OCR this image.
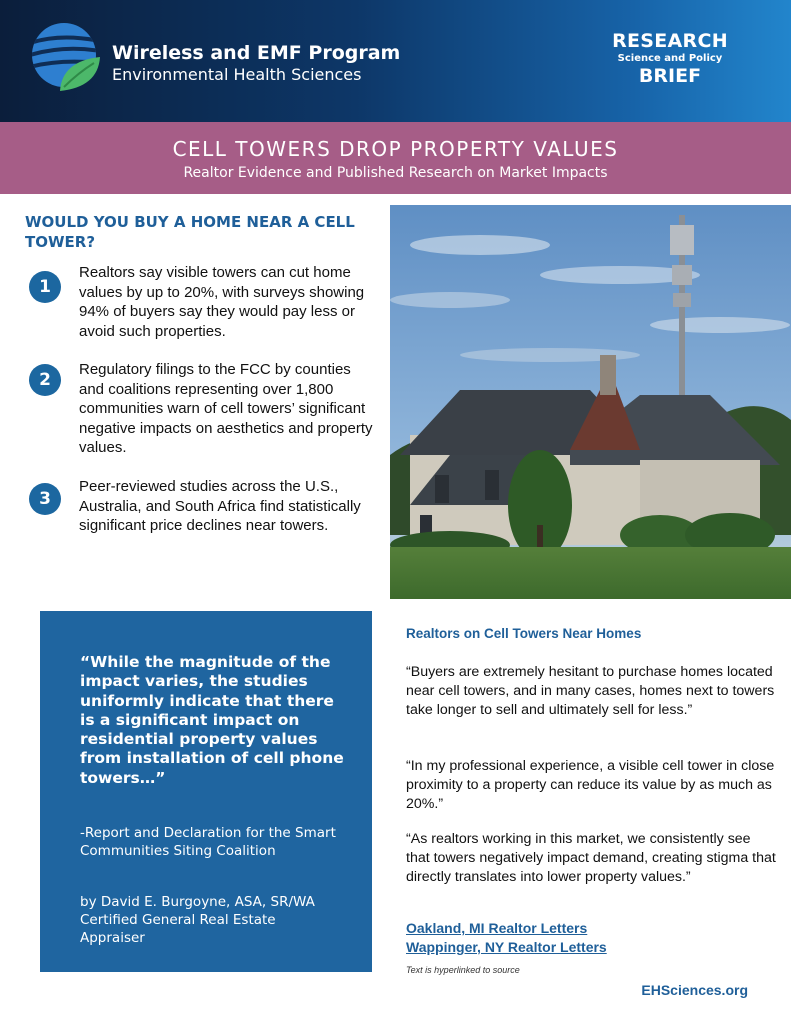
Wireless and EMF Program
Environmental Health Sciences
RESEARCH
Science and Policy
BRIEF
CELL TOWERS DROP PROPERTY VALUES
Realtor Evidence and Published Research on Market Impacts
WOULD YOU BUY A HOME NEAR A CELL TOWER?
1
Realtors say visible towers can cut home values by up to 20%, with surveys showing 94% of buyers say they would pay less or avoid such properties.
2
Regulatory filings to the FCC by counties and coalitions representing over 1,800 communities warn of cell towers’ significant negative impacts on aesthetics and property values.
3
Peer-reviewed studies across the U.S., Australia, and South Africa find statistically significant price declines near towers.
“While the magnitude of the impact varies, the studies uniformly indicate that there is a significant impact on residential property values from installation of cell phone towers…”
-Report and Declaration for the Smart Communities Siting Coalition
by David E. Burgoyne, ASA, SR/WA Certified General Real Estate Appraiser
Realtors on Cell Towers Near Homes
“Buyers are extremely hesitant to purchase homes located near cell towers, and in many cases, homes next to towers take longer to sell and ultimately sell for less.”
“In my professional experience, a visible cell tower in close proximity to a property can reduce its value by as much as 20%.”
“As realtors working in this market, we consistently see that towers negatively impact demand, creating stigma that directly translates into lower property values.”
Oakland, MI Realtor Letters
Wappinger, NY Realtor Letters
Text is hyperlinked to source
EHSciences.org
